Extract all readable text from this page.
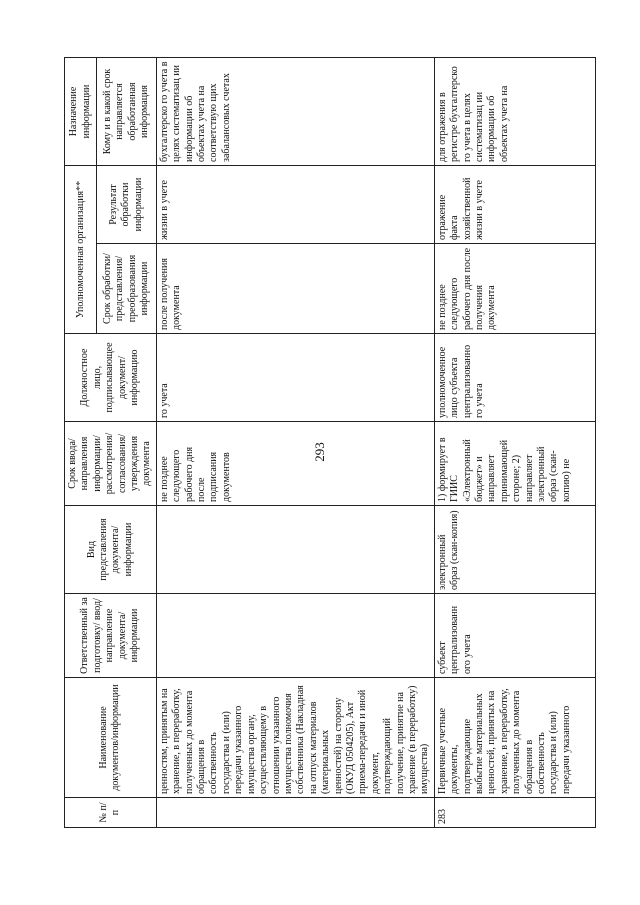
293
№ п/п	Наименование документов/информации	Ответственный за подготовку/ ввод/ направление документа/ информации	Вид представления документа/ информации	Срок ввода/ направления информации/ рассмотрения/ согласования/ утверждения документа	Должностное лицо, подписывающее документ/ информацию	Уполномоченная организация**		Назначение информации
						Срок обработки/ представления/ преобразования информации	Результат обработки информации	Кому и в какой срок направляется обработанная информация

	ценностям, принятым на хранение, в переработку, полученных до момента обращения в собственность государства и (или) передачи указанного имущества органу, осуществляющему в отношении указанного имущества полномочия собственника (Накладная на отпуск материалов (материальных ценностей) на сторону (ОКУД 0504205), Акт приема-передачи и иной документ, подтверждающий получение, принятие на хранение (в переработку) имущества)			не позднее следующего рабочего дня после подписания документов	го учета	после получения документа	жизни в учете	бухгалтерско го учета в целях систематизац ии информации об объектах учета на соответствую щих забалансовых счетах
283	Первичные учетные документы, подтверждающие выбытие материальных ценностей, принятых на хранение, в переработку, полученных до момента обращения в собственность государства и (или) передачи указанного	субъект централизованн ого учета	электронный образ (скан-копия)	1) формирует в ГИИС «Электронный бюджет» и направляет принимающей стороне; 2) направляет электронный образ (скан-копию) не	уполномоченное лицо субъекта централизованно го учета	не позднее следующего рабочего дня после получения документа	отражение факта хозяйственной жизни в учете	для отражения в регистре бухгалтерско го учета в целях систематизац ии информации об объектах учета на
